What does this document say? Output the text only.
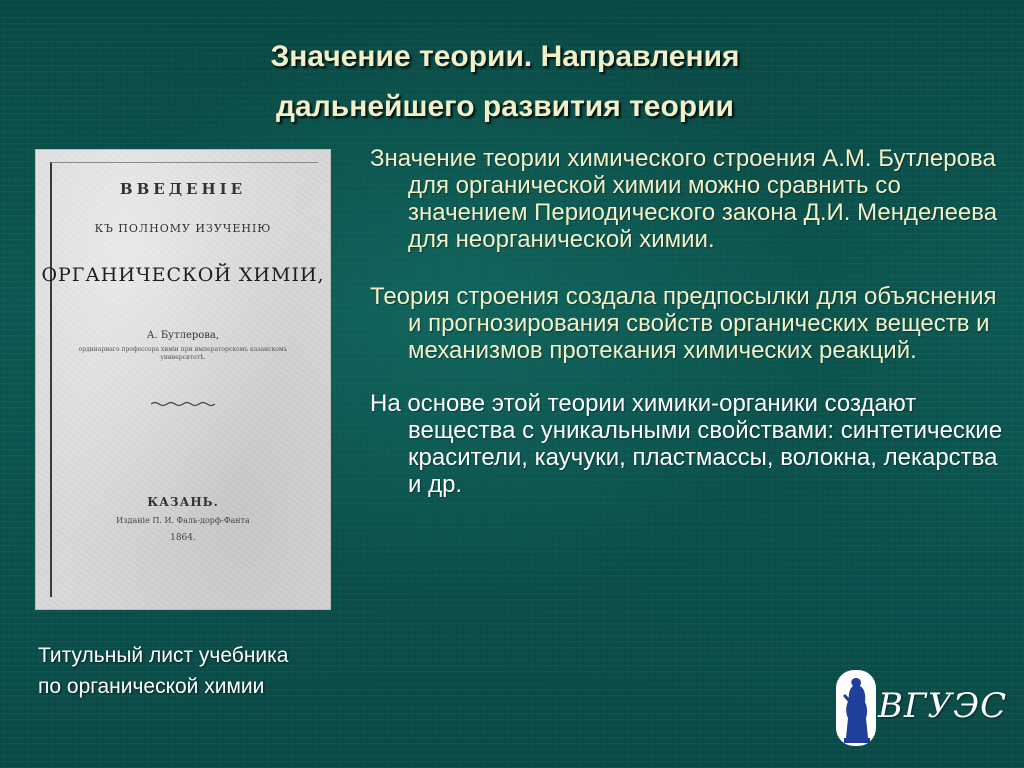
Значение теории. Направления
дальнейшего развития теории
ВВЕДЕНIЕ
КЪ ПОЛНОМУ ИЗУЧЕНIЮ
ОРГАНИЧЕСКОЙ ХИМIИ,
А. Бутлерова,
ординарнаго профессора химiи при императорскомъ казанскомъ университетѣ.
КАЗАНЬ.
Изданiе П. И. Фаль-дорф-Фанта
1864.
Титульный лист учебника
по органической химии
Значение теории химического строения А.М. Бутлерова для органической химии можно сравнить со значением Периодического закона Д.И. Менделеева для неорганической химии.
Теория строения создала предпосылки для объяснения и прогнозирования свойств органических веществ и механизмов протекания химических реакций.
На основе этой теории химики-органики создают вещества с уникальными свойствами: синтетические красители, каучуки, пластмассы, волокна, лекарства и др.
ВГУЭС
